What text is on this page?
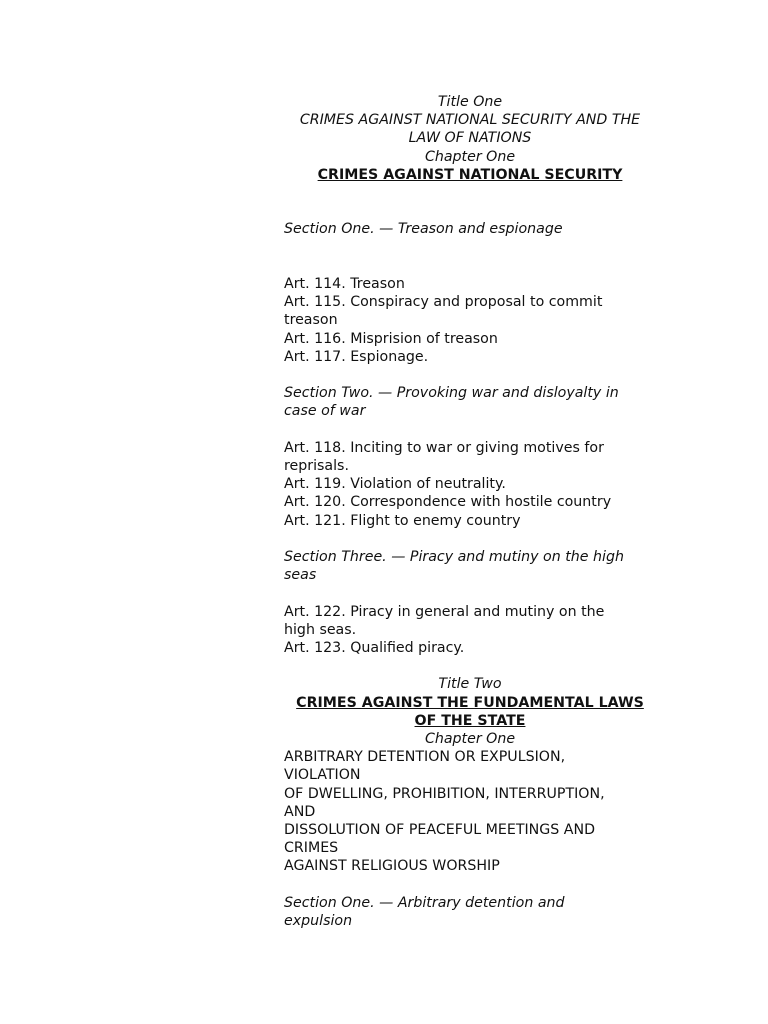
Title One
CRIMES AGAINST NATIONAL SECURITY AND THE
LAW OF NATIONS
Chapter One
CRIMES AGAINST NATIONAL SECURITY
Section One. — Treason and espionage
Art. 114. Treason
Art. 115. Conspiracy and proposal to commit
treason
Art. 116. Misprision of treason
Art. 117. Espionage.
Section Two. — Provoking war and disloyalty in
case of war
Art. 118. Inciting to war or giving motives for
reprisals.
Art. 119. Violation of neutrality.
Art. 120. Correspondence with hostile country
Art. 121. Flight to enemy country
Section Three. — Piracy and mutiny on the high
seas
Art. 122. Piracy in general and mutiny on the
high seas.
Art. 123. Qualified piracy.
Title Two
CRIMES AGAINST THE FUNDAMENTAL LAWS
OF THE STATE
Chapter One
ARBITRARY DETENTION OR EXPULSION,
VIOLATION
OF DWELLING, PROHIBITION, INTERRUPTION,
AND
DISSOLUTION OF PEACEFUL MEETINGS AND
CRIMES
AGAINST RELIGIOUS WORSHIP
Section One. — Arbitrary detention and
expulsion
